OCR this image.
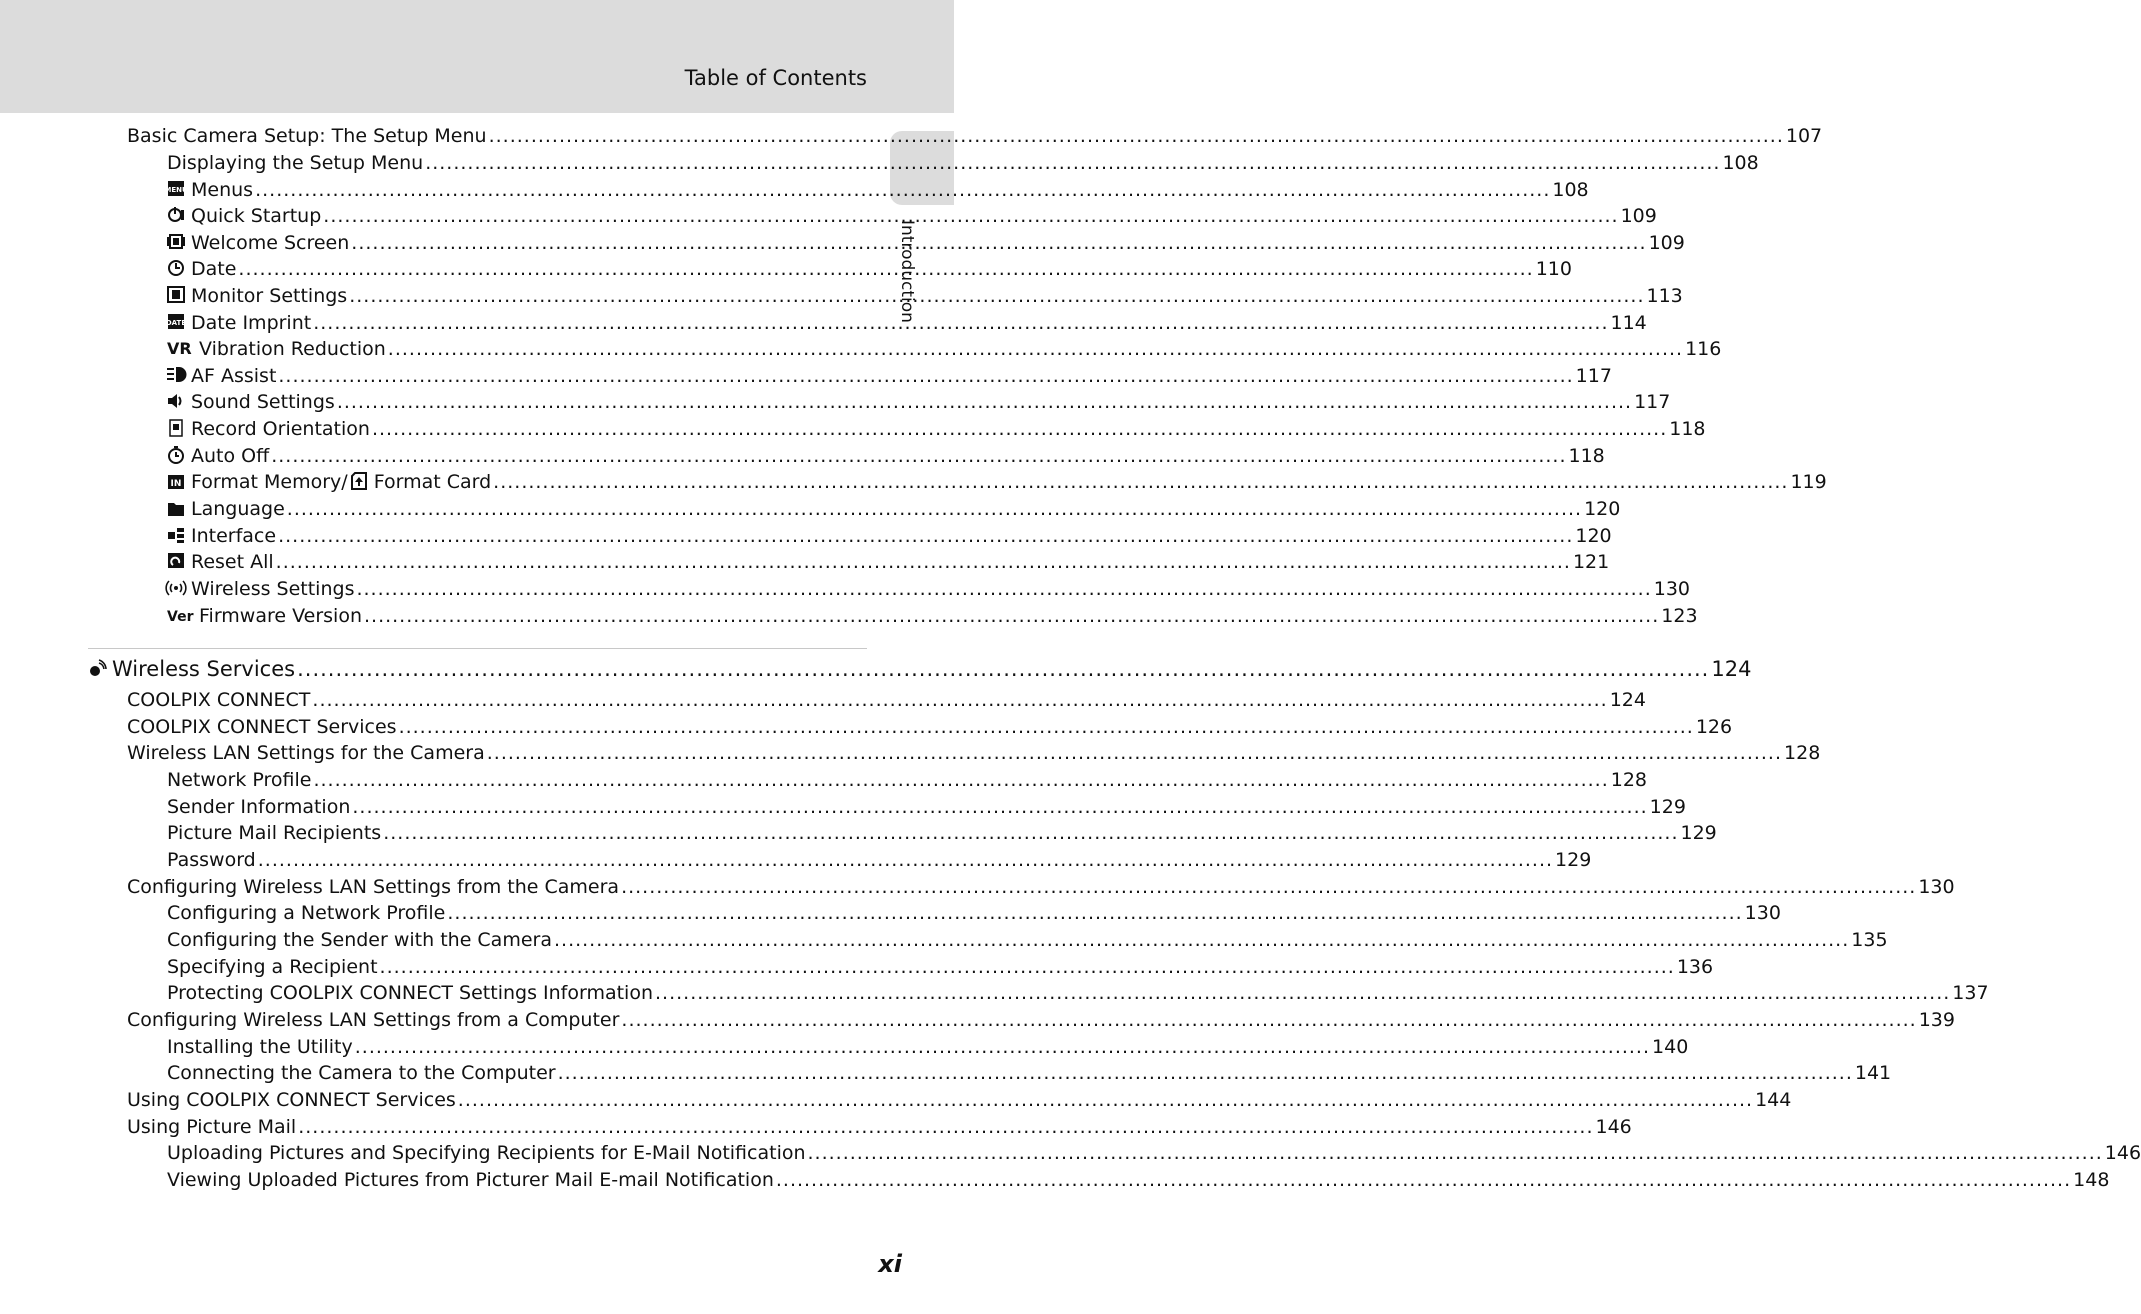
Table of Contents
Introduction
Basic Camera Setup: The Setup Menu .....	107
Displaying the Setup Menu .....	108
MENU Menus .....	108
Quick Startup .....	109
Welcome Screen .....	109
Date .....	110
Monitor Settings .....	113
DATE Date Imprint .....	114
VR Vibration Reduction .....	116
AF Assist .....	117
Sound Settings .....	117
Record Orientation .....	118
Auto Off .....	118
IN Format Memory/ Format Card .....	119
Language .....	120
Interface .....	120
Reset All .....	121
Wireless Settings .....	130
Ver Firmware Version .....	123
Wireless Services .....	124
COOLPIX CONNECT .....	124
COOLPIX CONNECT Services .....	126
Wireless LAN Settings for the Camera .....	128
Network Profile .....	128
Sender Information .....	129
Picture Mail Recipients .....	129
Password .....	129
Configuring Wireless LAN Settings from the Camera .....	130
Configuring a Network Profile .....	130
Configuring the Sender with the Camera .....	135
Specifying a Recipient .....	136
Protecting COOLPIX CONNECT Settings Information .....	137
Configuring Wireless LAN Settings from a Computer .....	139
Installing the Utility .....	140
Connecting the Camera to the Computer .....	141
Using COOLPIX CONNECT Services .....	144
Using Picture Mail .....	146
Uploading Pictures and Specifying Recipients for E-Mail Notification .....	146
Viewing Uploaded Pictures from Picturer Mail E-mail Notification .....	148
xi
